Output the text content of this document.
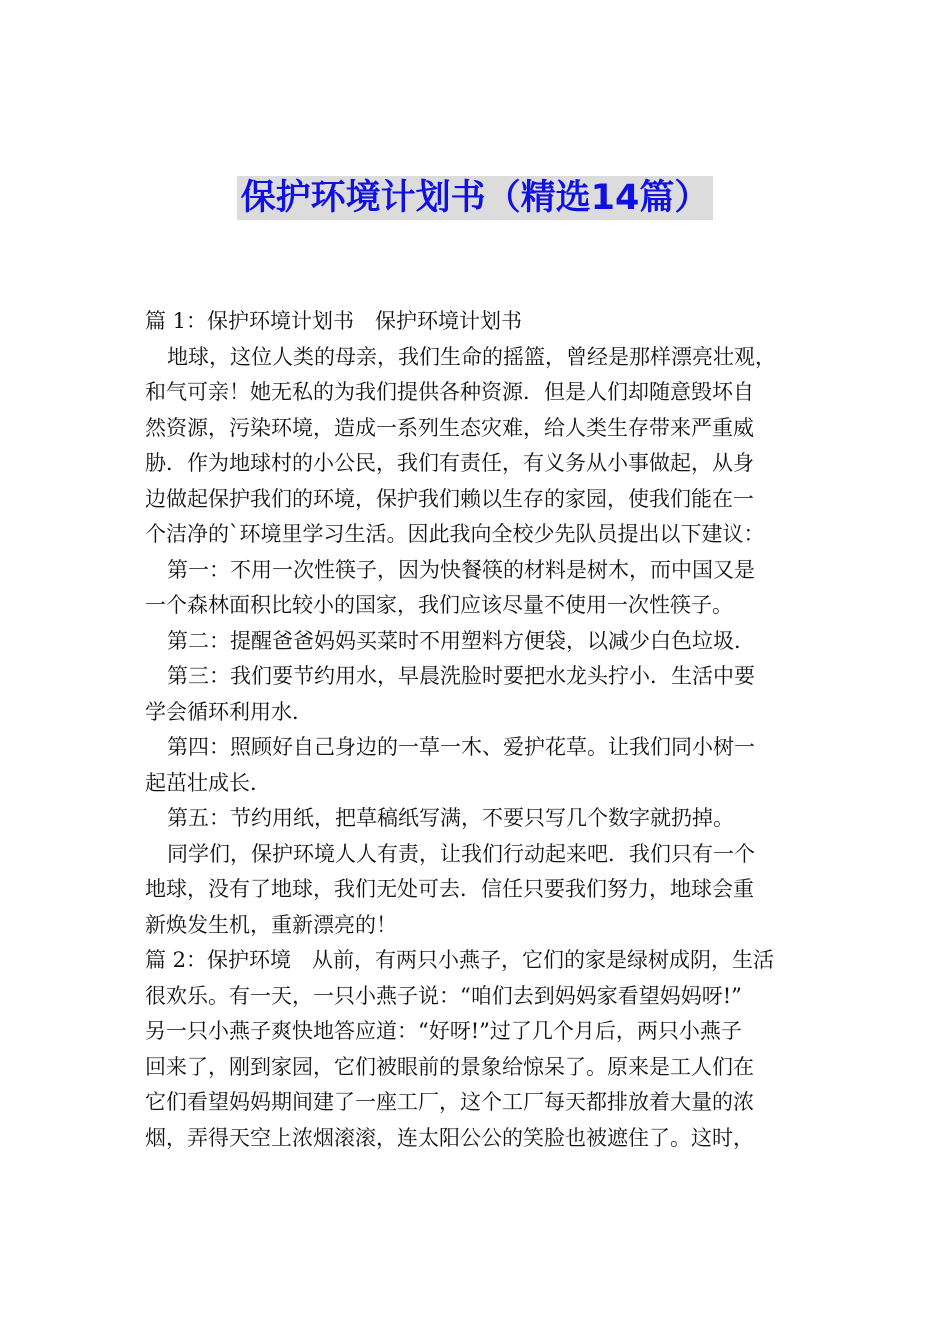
保护环境计划书（精选14篇）
篇 1：保护环境计划书　保护环境计划书
地球，这位人类的母亲，我们生命的摇篮，曾经是那样漂亮壮观，
和气可亲！她无私的为我们提供各种资源．但是人们却随意毁坏自
然资源，污染环境，造成一系列生态灾难，给人类生存带来严重威
胁．作为地球村的小公民，我们有责任，有义务从小事做起，从身
边做起保护我们的环境，保护我们赖以生存的家园，使我们能在一
个洁净的`环境里学习生活。因此我向全校少先队员提出以下建议：
第一：不用一次性筷子，因为快餐筷的材料是树木，而中国又是
一个森林面积比较小的国家，我们应该尽量不使用一次性筷子。
第二：提醒爸爸妈妈买菜时不用塑料方便袋，以减少白色垃圾．
第三：我们要节约用水，早晨洗脸时要把水龙头拧小．生活中要
学会循环利用水．
第四：照顾好自己身边的一草一木、爱护花草。让我们同小树一
起茁壮成长．
第五：节约用纸，把草稿纸写满，不要只写几个数字就扔掉。
同学们，保护环境人人有责，让我们行动起来吧．我们只有一个
地球，没有了地球，我们无处可去．信任只要我们努力，地球会重
新焕发生机，重新漂亮的！
篇 2：保护环境　从前，有两只小燕子，它们的家是绿树成阴，生活
很欢乐。有一天，一只小燕子说：“咱们去到妈妈家看望妈妈呀!”
另一只小燕子爽快地答应道：“好呀!”过了几个月后，两只小燕子
回来了，刚到家园，它们被眼前的景象给惊呆了。原来是工人们在
它们看望妈妈期间建了一座工厂，这个工厂每天都排放着大量的浓
烟，弄得天空上浓烟滚滚，连太阳公公的笑脸也被遮住了。这时，
